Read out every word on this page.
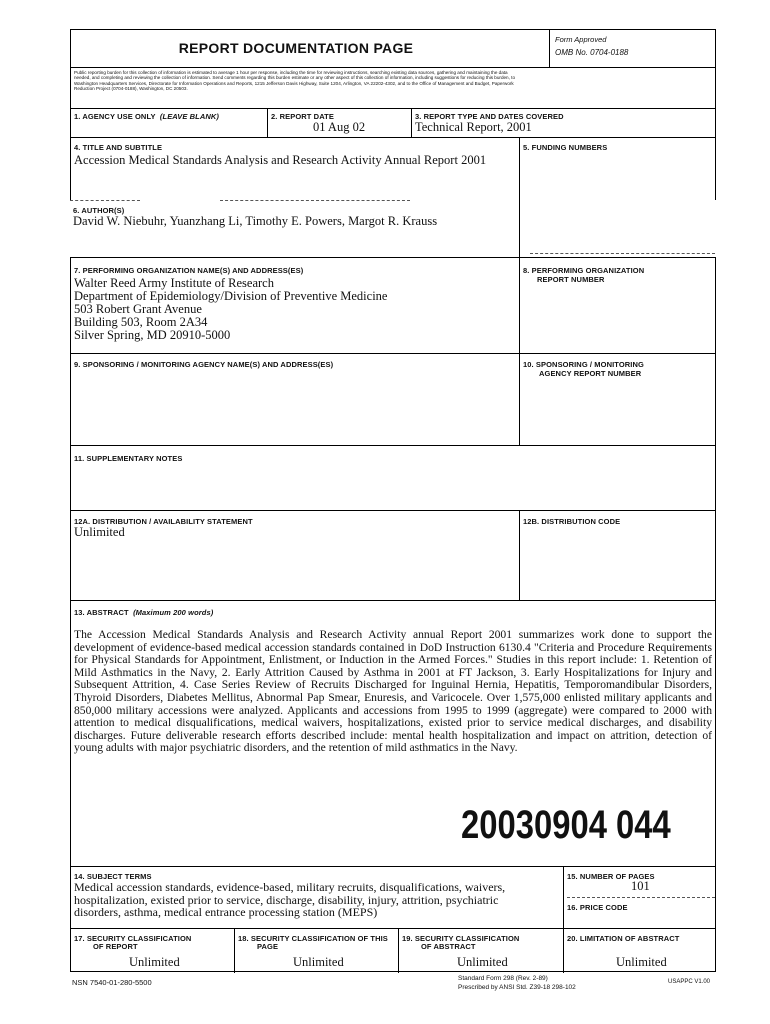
REPORT DOCUMENTATION PAGE
Form Approved
OMB No. 0704-0188
Public reporting burden for this collection of information is estimated to average 1 hour per response, including the time for reviewing instructions, searching existing data sources, gathering and maintaining the data needed, and completing and reviewing the collection of information. Send comments regarding this burden estimate or any other aspect of this collection of information, including suggestions for reducing this burden, to Washington Headquarters Services, Directorate for Information Operations and Reports, 1215 Jefferson Davis Highway, Suite 1204, Arlington, VA 22202-4302, and to the Office of Management and Budget, Paperwork Reduction Project (0704-0188), Washington, DC 20503.
1. AGENCY USE ONLY (LEAVE BLANK)	2. REPORT DATE
01 Aug 02
3. REPORT TYPE AND DATES COVERED
Technical Report, 2001
4. TITLE AND SUBTITLE
Accession Medical Standards Analysis and Research Activity Annual Report 2001
5. FUNDING NUMBERS
6. AUTHOR(S)
David W. Niebuhr, Yuanzhang Li, Timothy E. Powers, Margot R. Krauss
7. PERFORMING ORGANIZATION NAME(S) AND ADDRESS(ES)
Walter Reed Army Institute of Research
Department of Epidemiology/Division of Preventive Medicine
503 Robert Grant Avenue
Building 503, Room 2A34
Silver Spring, MD 20910-5000
8. PERFORMING ORGANIZATION
REPORT NUMBER
9. SPONSORING / MONITORING AGENCY NAME(S) AND ADDRESS(ES)	10. SPONSORING / MONITORING
AGENCY REPORT NUMBER
11. SUPPLEMENTARY NOTES
12A. DISTRIBUTION / AVAILABILITY STATEMENT
Unlimited
12B. DISTRIBUTION CODE
13. ABSTRACT (Maximum 200 words)
The Accession Medical Standards Analysis and Research Activity annual Report 2001 summarizes work done to support the development of evidence-based medical accession standards contained in DoD Instruction 6130.4 "Criteria and Procedure Requirements for Physical Standards for Appointment, Enlistment, or Induction in the Armed Forces." Studies in this report include: 1. Retention of Mild Asthmatics in the Navy, 2. Early Attrition Caused by Asthma in 2001 at FT Jackson, 3. Early Hospitalizations for Injury and Subsequent Attrition, 4. Case Series Review of Recruits Discharged for Inguinal Hernia, Hepatitis, Temporomandibular Disorders, Thyroid Disorders, Diabetes Mellitus, Abnormal Pap Smear, Enuresis, and Varicocele. Over 1,575,000 enlisted military applicants and 850,000 military accessions were analyzed. Applicants and accessions from 1995 to 1999 (aggregate) were compared to 2000 with attention to medical disqualifications, medical waivers, hospitalizations, existed prior to service medical discharges, and disability discharges. Future deliverable research efforts described include: mental health hospitalization and impact on attrition, detection of young adults with major psychiatric disorders, and the retention of mild asthmatics in the Navy.
20030904 044
14. SUBJECT TERMS
Medical accession standards, evidence-based, military recruits, disqualifications, waivers, hospitalization, existed prior to service, discharge, disability, injury, attrition, psychiatric disorders, asthma, medical entrance processing station (MEPS)
15. NUMBER OF PAGES
101
16. PRICE CODE
17. SECURITY CLASSIFICATION
OF REPORT
Unlimited
18. SECURITY CLASSIFICATION OF THIS
PAGE
Unlimited
19. SECURITY CLASSIFICATION
OF ABSTRACT
Unlimited
20. LIMITATION OF ABSTRACT
Unlimited
NSN 7540-01-280-5500	Standard Form 298 (Rev. 2-89)
Prescribed by ANSI Std. Z39-18 298-102
USAPPC V1.00
